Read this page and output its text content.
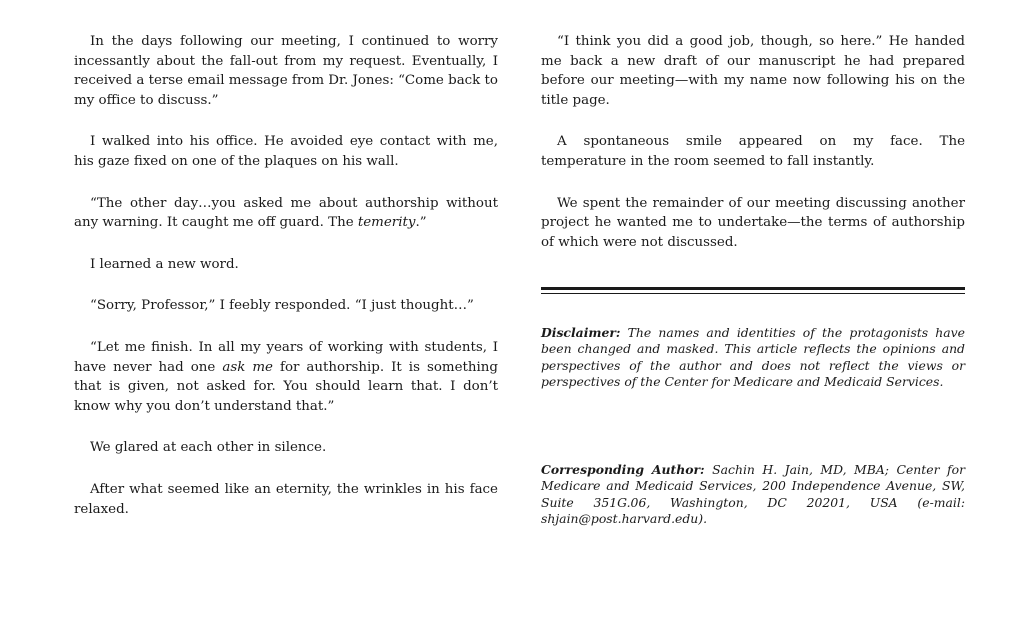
In the days following our meeting, I continued to worry incessantly about the fall-out from my request. Eventually, I received a terse email message from Dr. Jones: “Come back to my office to discuss.”

I walked into his office. He avoided eye contact with me, his gaze fixed on one of the plaques on his wall.

“The other day…you asked me about authorship without any warning. It caught me off guard. The temerity.”

I learned a new word.

“Sorry, Professor,” I feebly responded. “I just thought…”

“Let me finish. In all my years of working with students, I have never had one ask me for authorship. It is something that is given, not asked for. You should learn that. I don’t know why you don’t understand that.”

We glared at each other in silence.

After what seemed like an eternity, the wrinkles in his face relaxed.

“I think you did a good job, though, so here.” He handed me back a new draft of our manuscript he had prepared before our meeting—with my name now following his on the title page.

A spontaneous smile appeared on my face. The temperature in the room seemed to fall instantly.

We spent the remainder of our meeting discussing another project he wanted me to undertake—the terms of authorship of which were not discussed.

Disclaimer: The names and identities of the protagonists have been changed and masked. This article reflects the opinions and perspectives of the author and does not reflect the views or perspectives of the Center for Medicare and Medicaid Services.

Corresponding Author: Sachin H. Jain, MD, MBA; Center for Medicare and Medicaid Services, 200 Independence Avenue, SW, Suite 351G.06, Washington, DC 20201, USA (e-mail: shjain@post.harvard.edu).
